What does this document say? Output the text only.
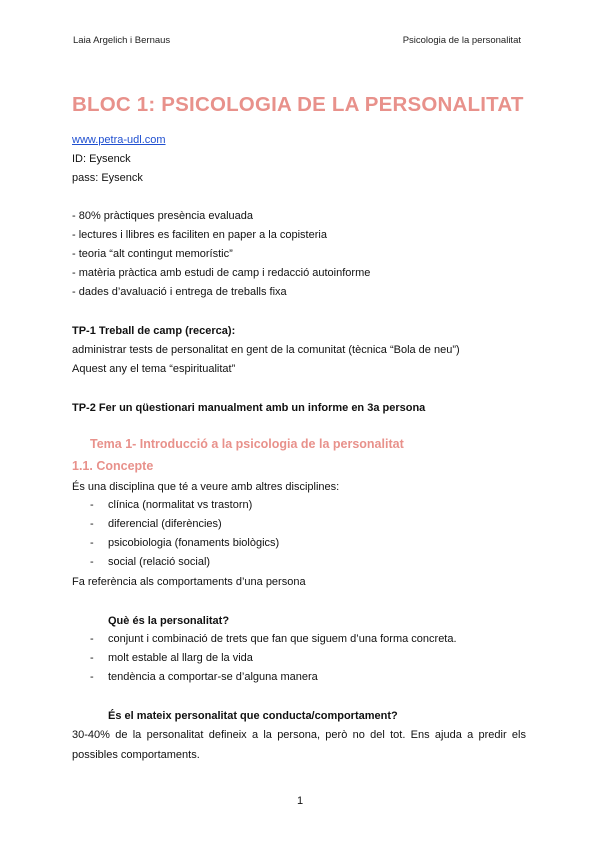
Laia Argelich i Bernaus	Psicologia de la personalitat
BLOC 1: PSICOLOGIA DE LA PERSONALITAT
www.petra-udl.com
ID: Eysenck
pass: Eysenck
- 80% pràctiques presència evaluada
- lectures i llibres es faciliten en paper a la copisteria
- teoria “alt contingut memorístic”
- matèria pràctica amb estudi de camp i redacció autoinforme
- dades d’avaluació i entrega de treballs fixa
TP-1 Treball de camp (recerca):
administrar tests de personalitat en gent de la comunitat (tècnica “Bola de neu”)
Aquest any el tema “espiritualitat”
TP-2 Fer un qüestionari manualment amb un informe en 3a persona
Tema 1- Introducció a la psicologia de la personalitat
1.1. Concepte
És una disciplina que té a veure amb altres disciplines:
- clínica (normalitat vs trastorn)
- diferencial (diferències)
- psicobiologia (fonaments biològics)
- social (relació social)
Fa referència als comportaments d’una persona
Què és la personalitat?
- conjunt i combinació de trets que fan que siguem d’una forma concreta.
- molt estable al llarg de la vida
- tendència a comportar-se d’alguna manera
És el mateix personalitat que conducta/comportament?
30-40% de la personalitat defineix a la persona, però no del tot. Ens ajuda a predir els possibles comportaments.
1
